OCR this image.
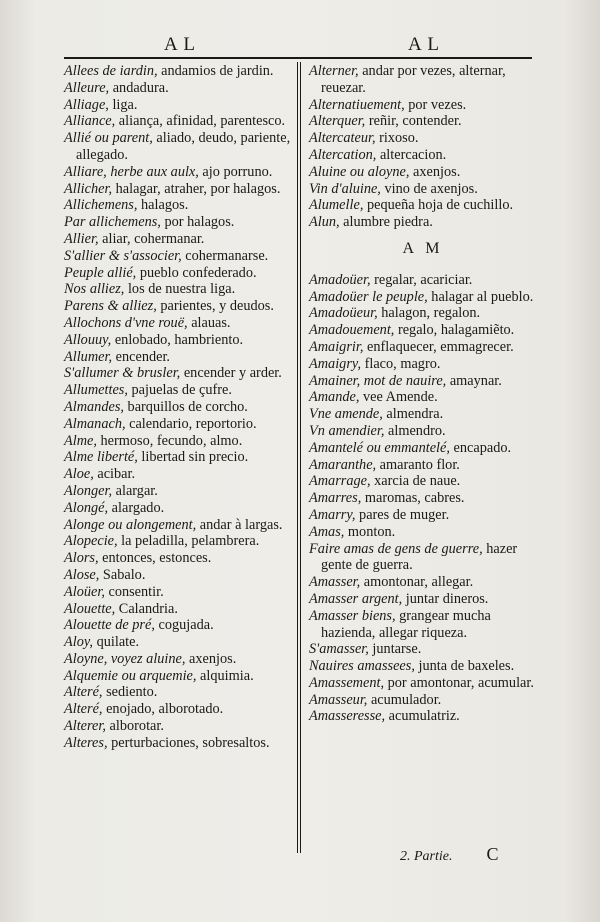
A L	A L

Allees de iardin, andamios de jardin.

Alleure, andadura.

Alliage, liga.

Alliance, aliança, afinidad, parentesco.

Allié ou parent, aliado, deudo, pariente, allegado.

Alliare, herbe aux aulx, ajo porruno.

Allicher, halagar, atraher, por halagos.

Allichemens, halagos.

Par allichemens, por halagos.

Allier, aliar, cohermanar.

S'allier & s'associer, cohermanarse.

Peuple allié, pueblo confederado.

Nos alliez, los de nuestra liga.

Parens & alliez, parientes, y deudos.

Allochons d'vne rouë, alauas.

Allouuy, enlobado, hambriento.

Allumer, encender.

S'allumer & brusler, encender y arder.

Allumettes, pajuelas de çufre.

Almandes, barquillos de corcho.

Almanach, calendario, reportorio.

Alme, hermoso, fecundo, almo.

Alme liberté, libertad sin precio.

Aloe, acibar.

Alonger, alargar.

Alongé, alargado.

Alonge ou alongement, andar à largas.

Alopecie, la peladilla, pelambrera.

Alors, entonces, estonces.

Alose, Sabalo.

Aloüer, consentir.

Alouette, Calandria.

Alouette de pré, cogujada.

Aloy, quilate.

Aloyne, voyez aluine, axenjos.

Alquemie ou arquemie, alquimia.

Alteré, sediento.

Alteré, enojado, alborotado.

Alterer, alborotar.

Alteres, perturbaciones, sobresaltos.

Alterner, andar por vezes, alternar, reuezar.

Alternatiuement, por vezes.

Alterquer, reñir, contender.

Altercateur, rixoso.

Altercation, altercacion.

Aluine ou aloyne, axenjos.

Vin d'aluine, vino de axenjos.

Alumelle, pequeña hoja de cuchillo.

Alun, alumbre piedra.

A M

Amadoüer, regalar, acariciar.

Amadoüer le peuple, halagar al pueblo.

Amadoüeur, halagon, regalon.

Amadouement, regalo, halagamiẽto.

Amaigrir, enflaquecer, emmagrecer.

Amaigry, flaco, magro.

Amainer, mot de nauire, amaynar.

Amande, vee Amende.

Vne amende, almendra.

Vn amendier, almendro.

Amantelé ou emmantelé, encapado.

Amaranthe, amaranto flor.

Amarrage, xarcia de naue.

Amarres, maromas, cabres.

Amarry, pares de muger.

Amas, monton.

Faire amas de gens de guerre, hazer gente de guerra.

Amasser, amontonar, allegar.

Amasser argent, juntar dineros.

Amasser biens, grangear mucha hazienda, allegar riqueza.

S'amasser, juntarse.

Nauires amassees, junta de baxeles.

Amassement, por amontonar, acumular.

Amasseur, acumulador.

Amasseresse, acumulatriz.

2. Partie. C
